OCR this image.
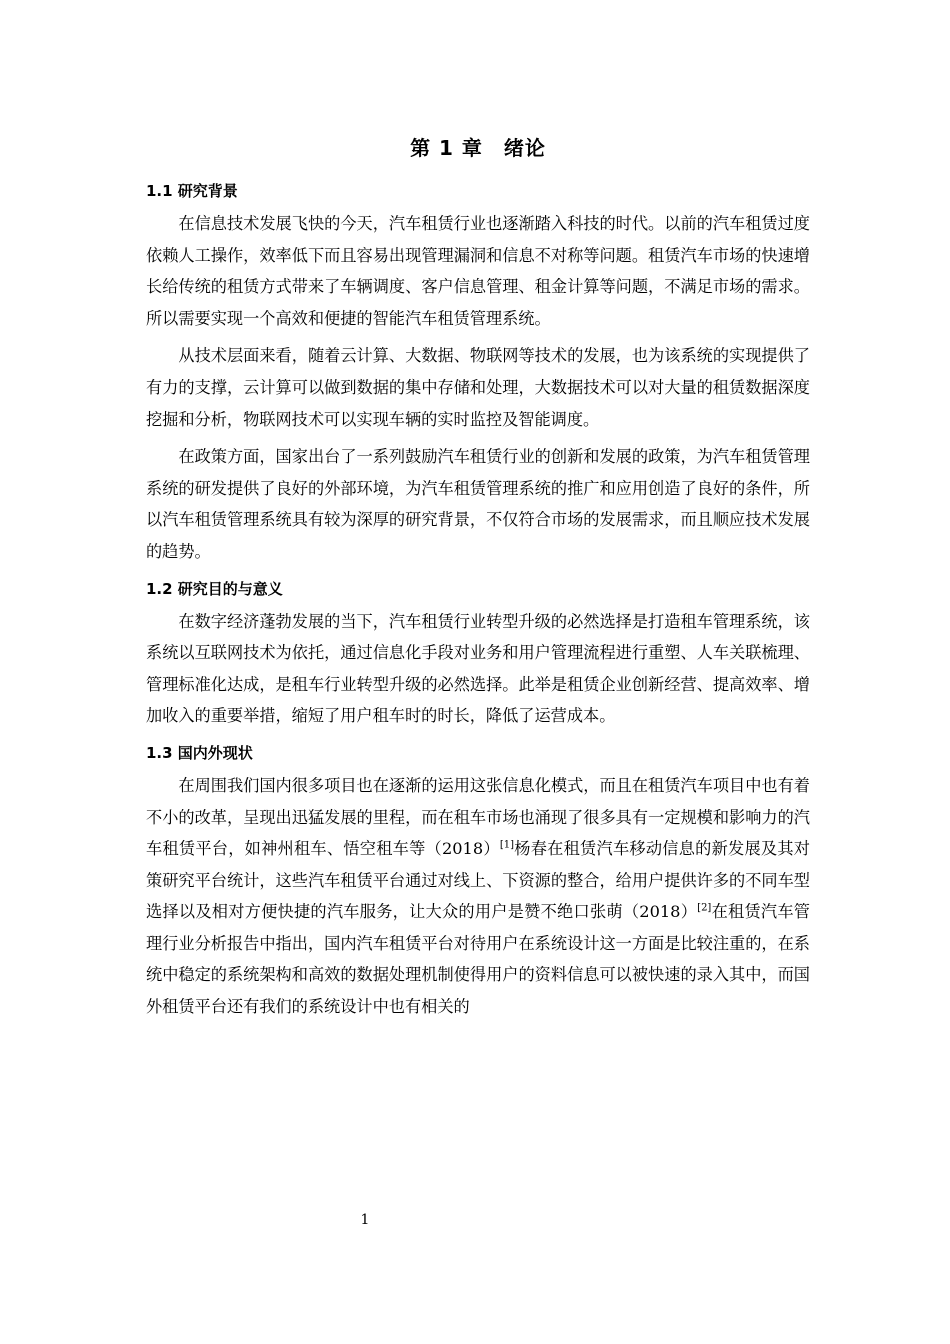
第 1 章　绪论
1.1 研究背景

在信息技术发展飞快的今天，汽车租赁行业也逐渐踏入科技的时代。以前的汽车租赁过度依赖人工操作，效率低下而且容易出现管理漏洞和信息不对称等问题。租赁汽车市场的快速增长给传统的租赁方式带来了车辆调度、客户信息管理、租金计算等问题，不满足市场的需求。所以需要实现一个高效和便捷的智能汽车租赁管理系统。

从技术层面来看，随着云计算、大数据、物联网等技术的发展，也为该系统的实现提供了有力的支撑，云计算可以做到数据的集中存储和处理，大数据技术可以对大量的租赁数据深度挖掘和分析，物联网技术可以实现车辆的实时监控及智能调度。

在政策方面，国家出台了一系列鼓励汽车租赁行业的创新和发展的政策，为汽车租赁管理系统的研发提供了良好的外部环境，为汽车租赁管理系统的推广和应用创造了良好的条件，所以汽车租赁管理系统具有较为深厚的研究背景，不仅符合市场的发展需求，而且顺应技术发展的趋势。

1.2 研究目的与意义

在数字经济蓬勃发展的当下，汽车租赁行业转型升级的必然选择是打造租车管理系统，该系统以互联网技术为依托，通过信息化手段对业务和用户管理流程进行重塑、人车关联梳理、管理标准化达成，是租车行业转型升级的必然选择。此举是租赁企业创新经营、提高效率、增加收入的重要举措，缩短了用户租车时的时长，降低了运营成本。

1.3 国内外现状

在周围我们国内很多项目也在逐渐的运用这张信息化模式，而且在租赁汽车项目中也有着不小的改革，呈现出迅猛发展的里程，而在租车市场也涌现了很多具有一定规模和影响力的汽车租赁平台，如神州租车、悟空租车等（2018）[1]杨春在租赁汽车移动信息的新发展及其对策研究平台统计，这些汽车租赁平台通过对线上、下资源的整合，给用户提供许多的不同车型选择以及相对方便快捷的汽车服务，让大众的用户是赞不绝口张萌（2018）[2]在租赁汽车管理行业分析报告中指出，国内汽车租赁平台对待用户在系统设计这一方面是比较注重的，在系统中稳定的系统架构和高效的数据处理机制使得用户的资料信息可以被快速的录入其中，而国外租赁平台还有我们的系统设计中也有相关的

1
